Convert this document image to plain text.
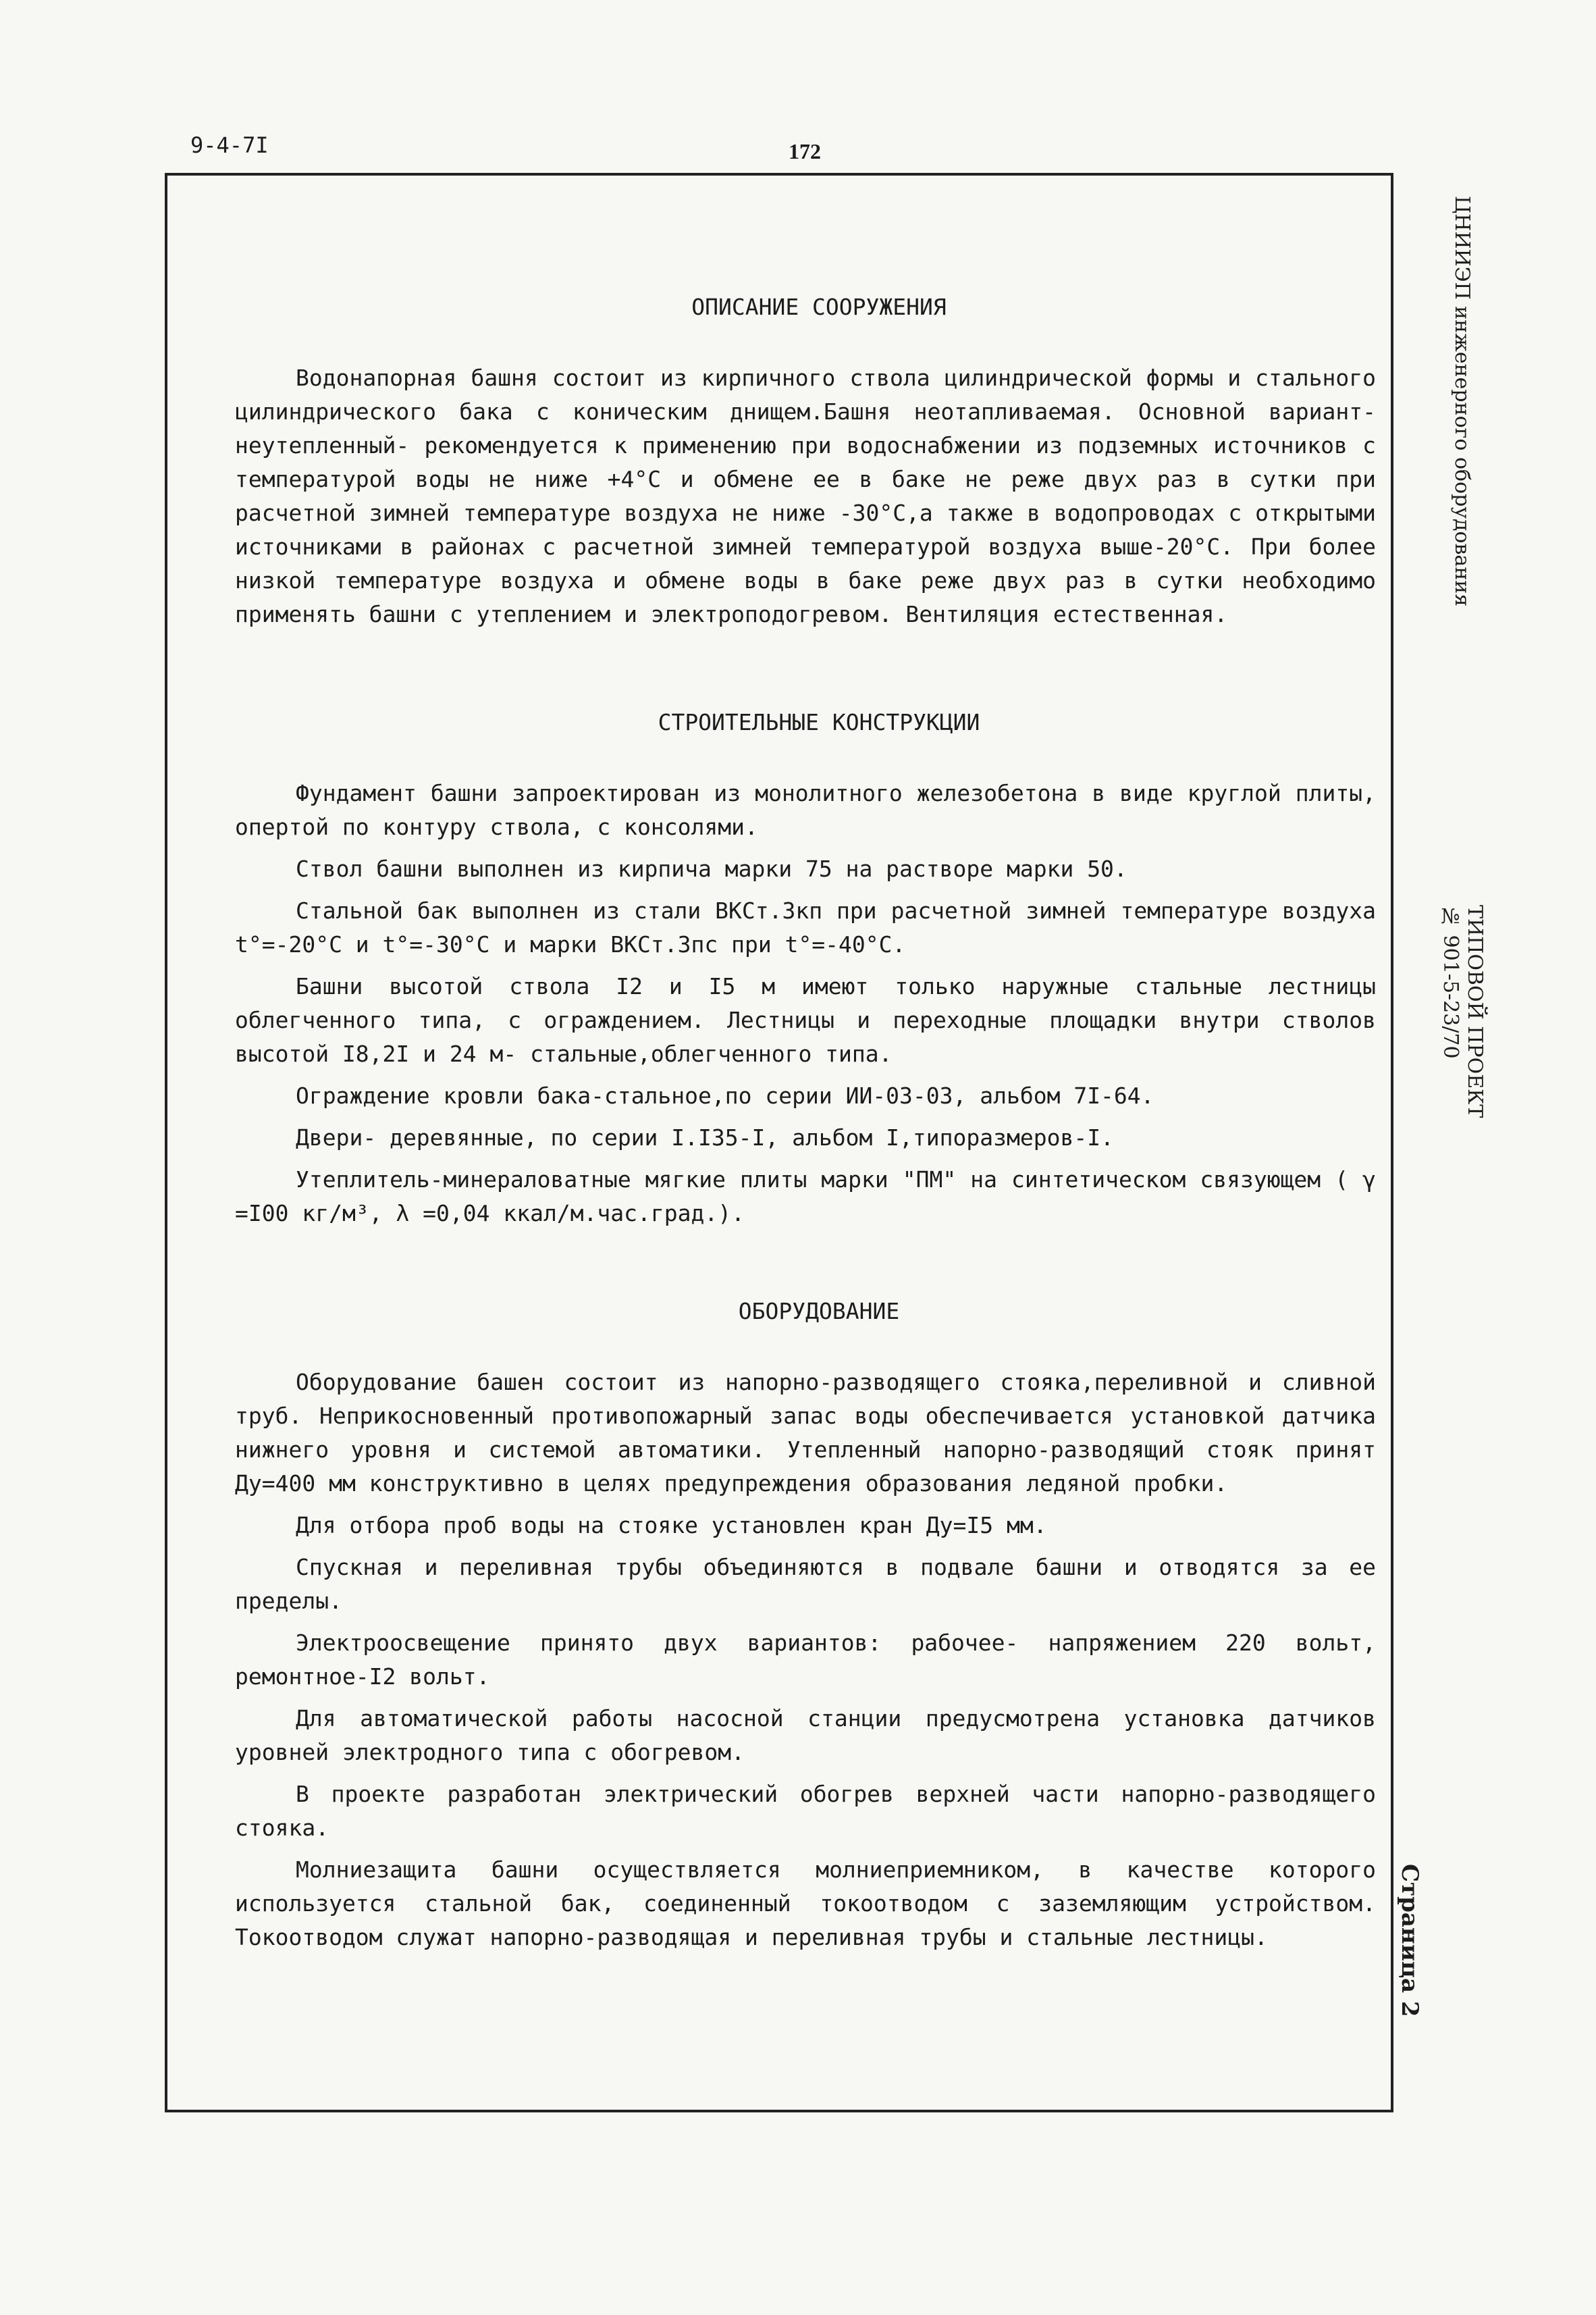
9-4-7I	172
ЦНИИЭП инженерного оборудования
ТИПОВОЙ ПРОЕКТ
№ 901-5-23/70
Страница 2
ОПИСАНИЕ СООРУЖЕНИЯ

Водонапорная башня состоит из кирпичного ствола цилиндрической формы и стального цилиндрического бака с коническим днищем.Башня неотапливаемая. Основной вариант-неутепленный- рекомендуется к применению при водоснабжении из подземных источников с температурой воды не ниже +4°С и обмене ее в баке не реже двух раз в сутки при расчетной зимней температуре воздуха не ниже -30°С,а также в водопроводах с открытыми источниками в районах с расчетной зимней температурой воздуха выше-20°С. При более низкой температуре воздуха и обмене воды в баке реже двух раз в сутки необходимо применять башни с утеплением и электроподогревом. Вентиляция естественная.

СТРОИТЕЛЬНЫЕ КОНСТРУКЦИИ

Фундамент башни запроектирован из монолитного железобетона в виде круглой плиты, опертой по контуру ствола, с консолями.

Ствол башни выполнен из кирпича марки 75 на растворе марки 50.

Стальной бак выполнен из стали ВКСт.3кп при расчетной зимней температуре воздуха t°=-20°С и t°=-30°С и марки ВКСт.3пс при t°=-40°С.

Башни высотой ствола I2 и I5 м имеют только наружные стальные лестницы облегченного типа, с ограждением. Лестницы и переходные площадки внутри стволов высотой I8,2I и 24 м- стальные,облегченного типа.

Ограждение кровли бака-стальное,по серии ИИ-03-03, альбом 7I-64.

Двери- деревянные, по серии I.I35-I, альбом I,типоразмеров-I.

Утеплитель-минераловатные мягкие плиты марки "ПМ" на синтетическом связующем ( γ =I00 кг/м³, λ =0,04 ккал/м.час.град.).

ОБОРУДОВАНИЕ

Оборудование башен состоит из напорно-разводящего стояка,переливной и сливной труб. Неприкосновенный противопожарный запас воды обеспечивается установкой датчика нижнего уровня и системой автоматики. Утепленный напорно-разводящий стояк принят Ду=400 мм конструктивно в целях предупреждения образования ледяной пробки.

Для отбора проб воды на стояке установлен кран Ду=I5 мм.

Спускная и переливная трубы объединяются в подвале башни и отводятся за ее пределы.

Электроосвещение принято двух вариантов: рабочее- напряжением 220 вольт, ремонтное-I2 вольт.

Для автоматической работы насосной станции предусмотрена установка датчиков уровней электродного типа с обогревом.

В проекте разработан электрический обогрев верхней части напорно-разводящего стояка.

Молниезащита башни осуществляется молниеприемником, в качестве которого используется стальной бак, соединенный токоотводом с заземляющим устройством. Токоотводом служат напорно-разводящая и переливная трубы и стальные лестницы.
